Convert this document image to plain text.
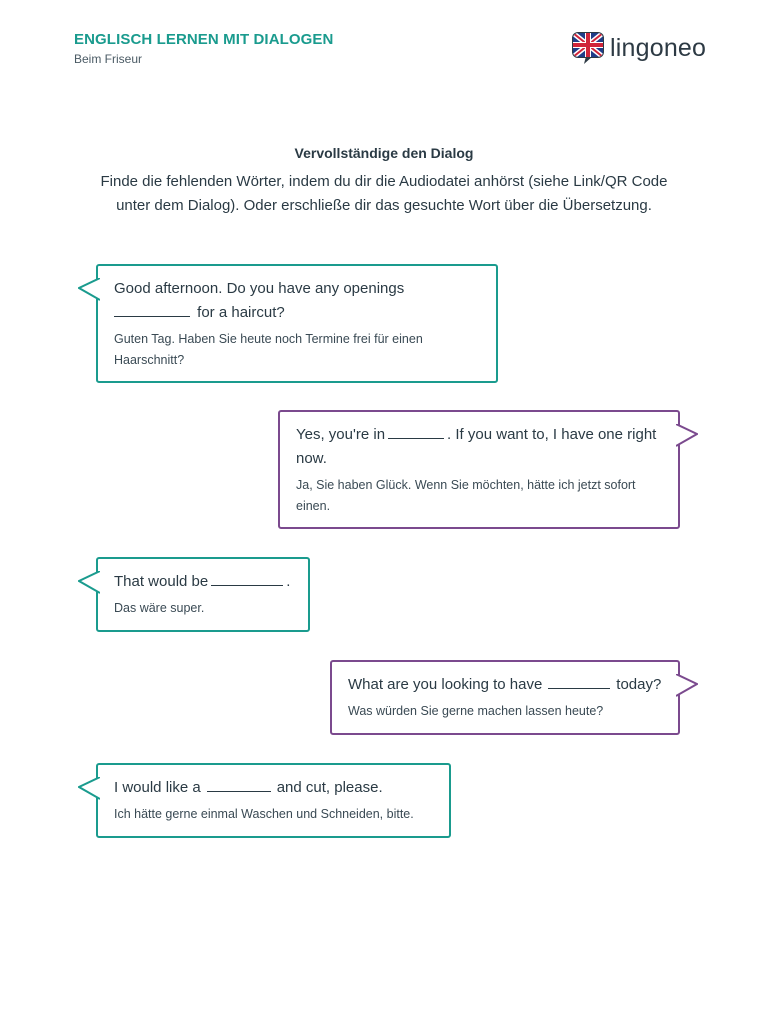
ENGLISCH LERNEN MIT DIALOGEN
Beim Friseur	lingoneo
Vervollständige den Dialog
Finde die fehlenden Wörter, indem du dir die Audiodatei anhörst (siehe Link/QR Code unter dem Dialog). Oder erschließe dir das gesuchte Wort über die Übersetzung.
Good afternoon. Do you have any openings
for a haircut?
Guten Tag. Haben Sie heute noch Termine frei für einen Haarschnitt?
Yes, you're in	. If you want to, I have one right now.
Ja, Sie haben Glück. Wenn Sie möchten, hätte ich jetzt sofort einen.
That would be	.
Das wäre super.
What are you looking to have	today?
Was würden Sie gerne machen lassen heute?
I would like a	and cut, please.
Ich hätte gerne einmal Waschen und Schneiden, bitte.
